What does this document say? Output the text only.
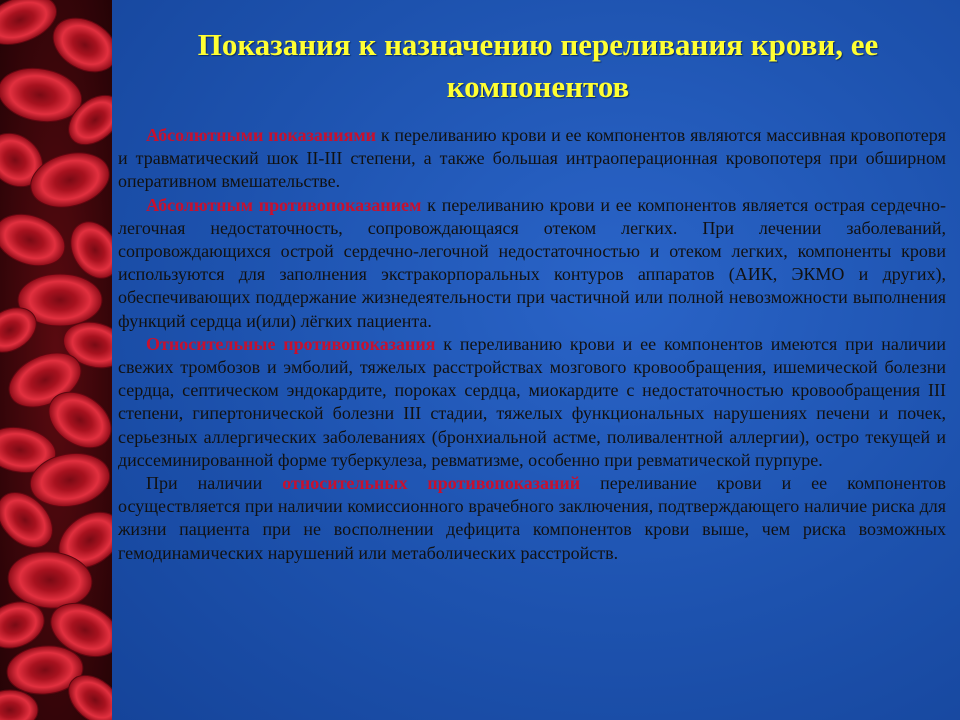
Показания к назначению переливания крови, ее компонентов

Абсолютными показаниями к переливанию крови и ее компонентов являются массивная кровопотеря и травматический шок II-III степени, а также большая интраоперационная кровопотеря при обширном оперативном вмешательстве.

Абсолютным противопоказанием к переливанию крови и ее компонентов является острая сердечно-легочная недостаточность, сопровождающаяся отеком легких. При лечении заболеваний, сопровождающихся острой сердечно-легочной недостаточностью и отеком легких, компоненты крови используются для заполнения экстракорпоральных контуров аппаратов (АИК, ЭКМО и других), обеспечивающих поддержание жизнедеятельности при частичной или полной невозможности выполнения функций сердца и(или) лёгких пациента.

Относительные противопоказания к переливанию крови и ее компонентов имеются при наличии свежих тромбозов и эмболий, тяжелых расстройствах мозгового кровообращения, ишемической болезни сердца, септическом эндокардите, пороках сердца, миокардите с недостаточностью кровообращения III степени, гипертонической болезни III стадии, тяжелых функциональных нарушениях печени и почек, серьезных аллергических заболеваниях (бронхиальной астме, поливалентной аллергии), остро текущей и диссеминированной форме туберкулеза, ревматизме, особенно при ревматической пурпуре.

При наличии относительных противопоказаний переливание крови и ее компонентов осуществляется при наличии комиссионного врачебного заключения, подтверждающего наличие риска для жизни пациента при не восполнении дефицита компонентов крови выше, чем риска возможных гемодинамических нарушений или метаболических расстройств.
